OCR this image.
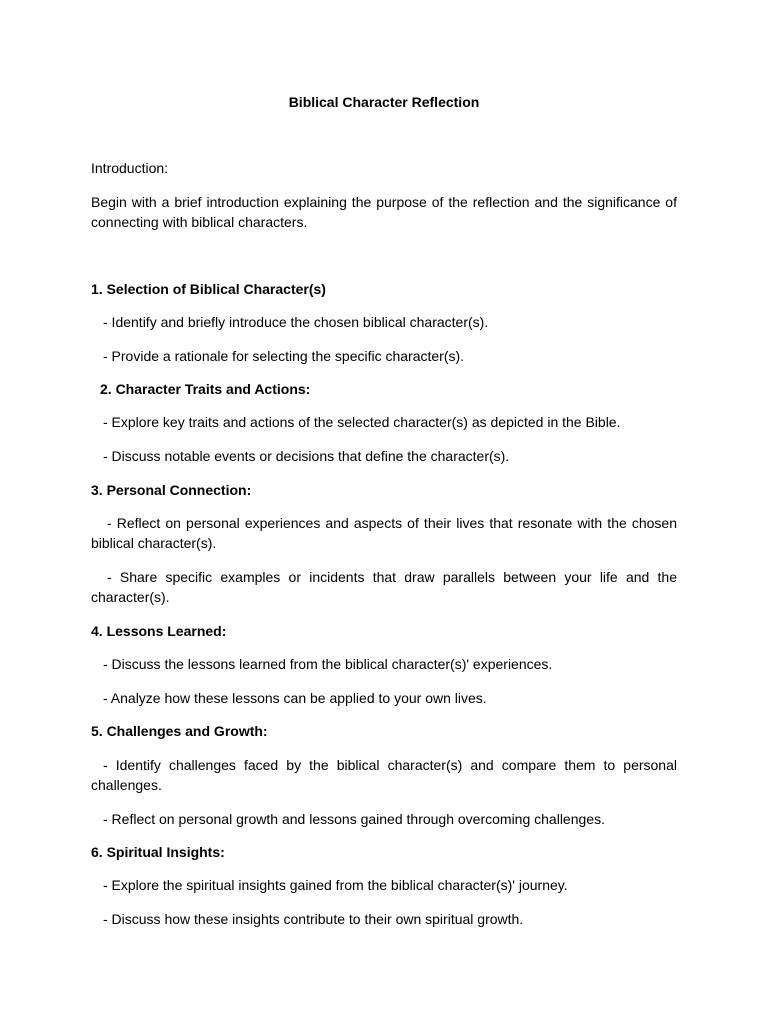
Biblical Character Reflection

Introduction:

Begin with a brief introduction explaining the purpose of the reflection and the significance of connecting with biblical characters.

1. Selection of Biblical Character(s)

- Identify and briefly introduce the chosen biblical character(s).

- Provide a rationale for selecting the specific character(s).

2. Character Traits and Actions:

- Explore key traits and actions of the selected character(s) as depicted in the Bible.

- Discuss notable events or decisions that define the character(s).

3. Personal Connection:

- Reflect on personal experiences and aspects of their lives that resonate with the chosen biblical character(s).

- Share specific examples or incidents that draw parallels between your life and the character(s).

4. Lessons Learned:

- Discuss the lessons learned from the biblical character(s)' experiences.

- Analyze how these lessons can be applied to your own lives.

5. Challenges and Growth:

- Identify challenges faced by the biblical character(s) and compare them to personal challenges.

- Reflect on personal growth and lessons gained through overcoming challenges.

6. Spiritual Insights:

- Explore the spiritual insights gained from the biblical character(s)' journey.

- Discuss how these insights contribute to their own spiritual growth.
